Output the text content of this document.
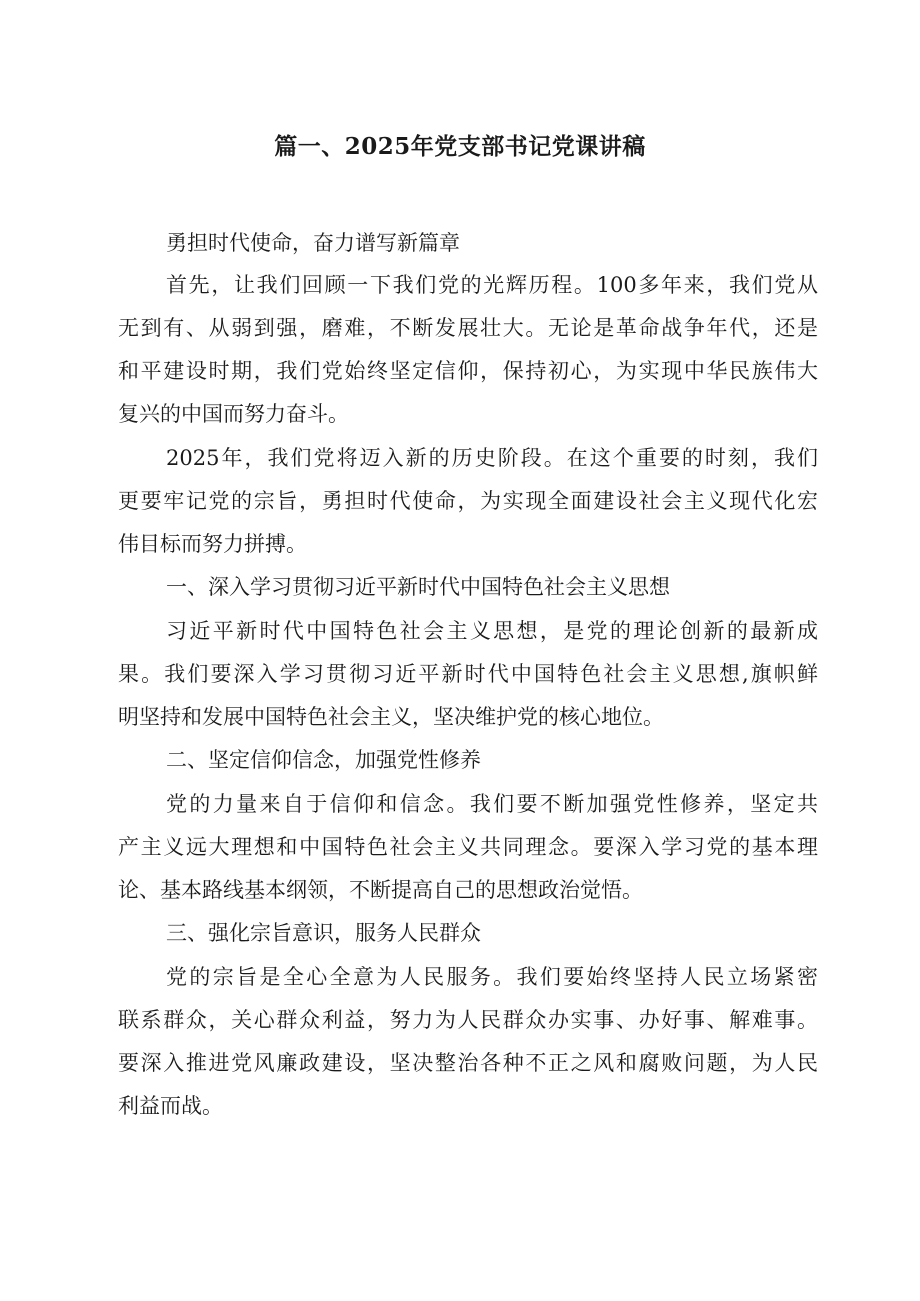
篇一、2025年党支部书记党课讲稿
勇担时代使命，奋力谱写新篇章
首先，让我们回顾一下我们党的光辉历程。100多年来，我们党从
无到有、从弱到强，磨难，不断发展壮大。无论是革命战争年代，还是
和平建设时期，我们党始终坚定信仰，保持初心，为实现中华民族伟大
复兴的中国而努力奋斗。
2025年，我们党将迈入新的历史阶段。在这个重要的时刻，我们
更要牢记党的宗旨，勇担时代使命，为实现全面建设社会主义现代化宏
伟目标而努力拼搏。
一、深入学习贯彻习近平新时代中国特色社会主义思想
习近平新时代中国特色社会主义思想，是党的理论创新的最新成
果。我们要深入学习贯彻习近平新时代中国特色社会主义思想,旗帜鲜
明坚持和发展中国特色社会主义，坚决维护党的核心地位。
二、坚定信仰信念，加强党性修养
党的力量来自于信仰和信念。我们要不断加强党性修养，坚定共
产主义远大理想和中国特色社会主义共同理念。要深入学习党的基本理
论、基本路线基本纲领，不断提高自己的思想政治觉悟。
三、强化宗旨意识，服务人民群众
党的宗旨是全心全意为人民服务。我们要始终坚持人民立场紧密
联系群众，关心群众利益，努力为人民群众办实事、办好事、解难事。
要深入推进党风廉政建设，坚决整治各种不正之风和腐败问题，为人民
利益而战。
